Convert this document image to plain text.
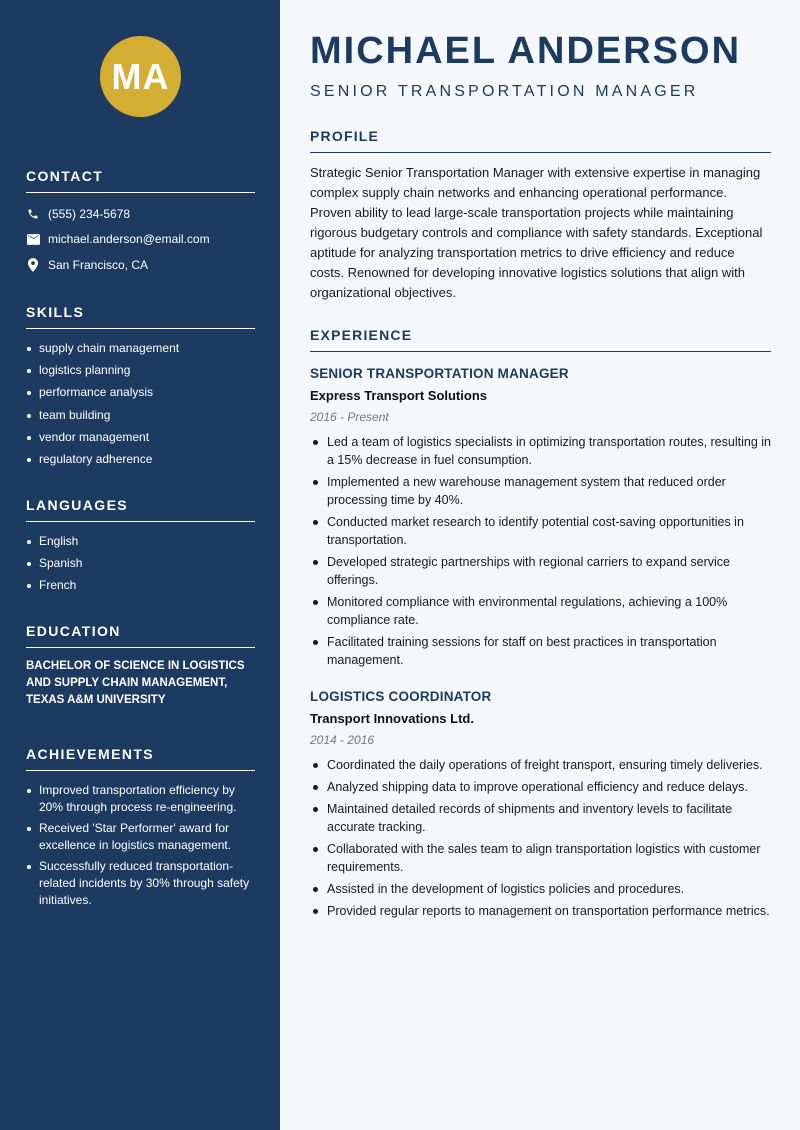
MA
CONTACT
(555) 234-5678
michael.anderson@email.com
San Francisco, CA
SKILLS
supply chain management
logistics planning
performance analysis
team building
vendor management
regulatory adherence
LANGUAGES
English
Spanish
French
EDUCATION

BACHELOR OF SCIENCE IN LOGISTICS AND SUPPLY CHAIN MANAGEMENT, TEXAS A&M UNIVERSITY

ACHIEVEMENTS
Improved transportation efficiency by 20% through process re-engineering.
Received 'Star Performer' award for excellence in logistics management.
Successfully reduced transportation-related incidents by 30% through safety initiatives.
MICHAEL ANDERSON
SENIOR TRANSPORTATION MANAGER
PROFILE

Strategic Senior Transportation Manager with extensive expertise in managing complex supply chain networks and enhancing operational performance. Proven ability to lead large-scale transportation projects while maintaining rigorous budgetary controls and compliance with safety standards. Exceptional aptitude for analyzing transportation metrics to drive efficiency and reduce costs. Renowned for developing innovative logistics solutions that align with organizational objectives.

EXPERIENCE
SENIOR TRANSPORTATION MANAGER
Express Transport Solutions
2016 - Present
Led a team of logistics specialists in optimizing transportation routes, resulting in a 15% decrease in fuel consumption.
Implemented a new warehouse management system that reduced order processing time by 40%.
Conducted market research to identify potential cost-saving opportunities in transportation.
Developed strategic partnerships with regional carriers to expand service offerings.
Monitored compliance with environmental regulations, achieving a 100% compliance rate.
Facilitated training sessions for staff on best practices in transportation management.
LOGISTICS COORDINATOR
Transport Innovations Ltd.
2014 - 2016
Coordinated the daily operations of freight transport, ensuring timely deliveries.
Analyzed shipping data to improve operational efficiency and reduce delays.
Maintained detailed records of shipments and inventory levels to facilitate accurate tracking.
Collaborated with the sales team to align transportation logistics with customer requirements.
Assisted in the development of logistics policies and procedures.
Provided regular reports to management on transportation performance metrics.
